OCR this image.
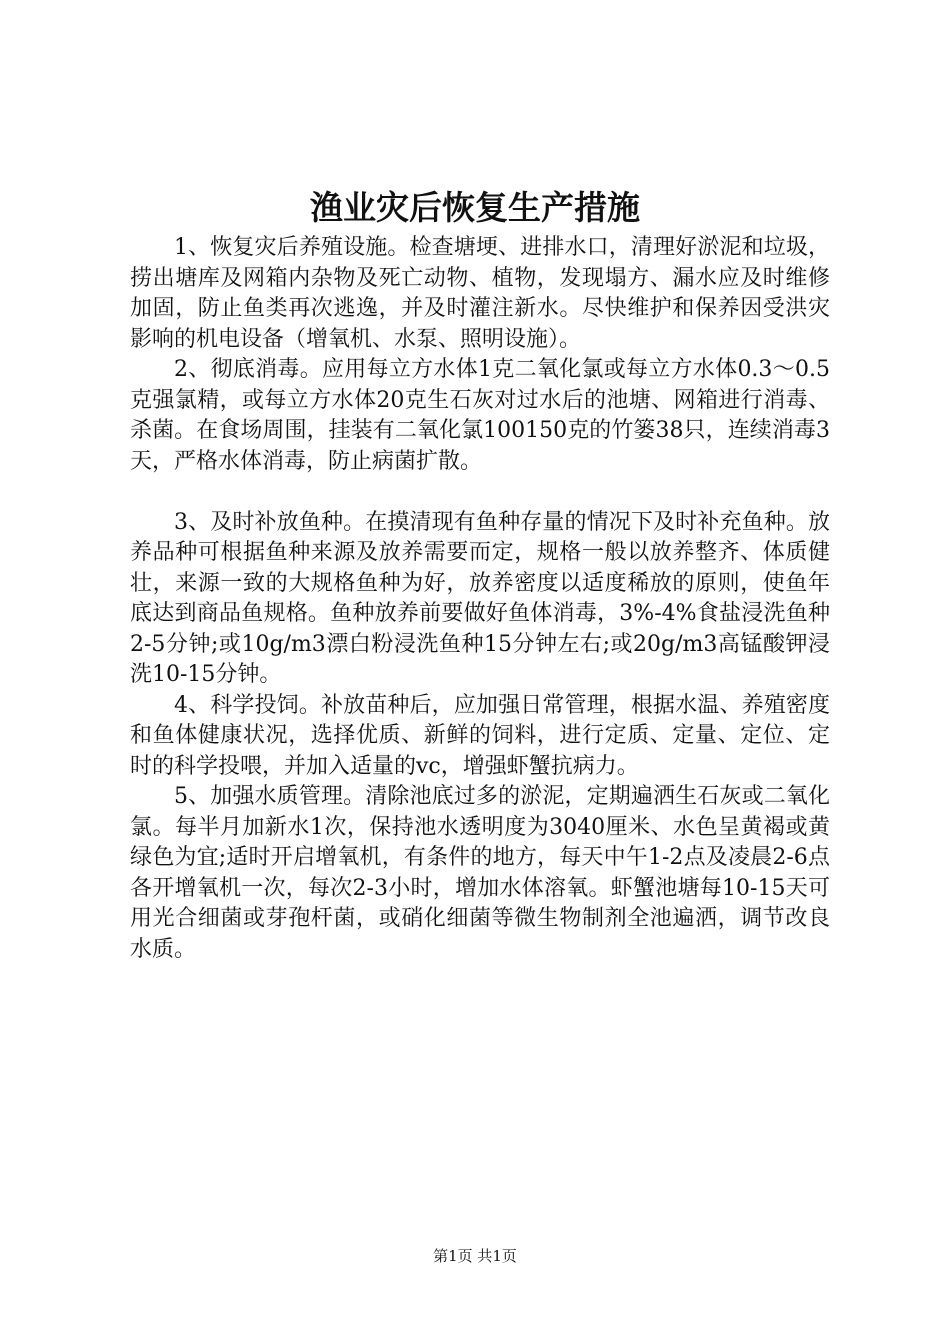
渔业灾后恢复生产措施

1、恢复灾后养殖设施。检查塘埂、进排水口，清理好淤泥和垃圾，捞出塘库及网箱内杂物及死亡动物、植物，发现塌方、漏水应及时维修加固，防止鱼类再次逃逸，并及时灌注新水。尽快维护和保养因受洪灾影响的机电设备（增氧机、水泵、照明设施）。

2、彻底消毒。应用每立方水体1克二氧化氯或每立方水体0.3～0.5克强氯精，或每立方水体20克生石灰对过水后的池塘、网箱进行消毒、杀菌。在食场周围，挂装有二氧化氯100150克的竹篓38只，连续消毒3天，严格水体消毒，防止病菌扩散。

3、及时补放鱼种。在摸清现有鱼种存量的情况下及时补充鱼种。放养品种可根据鱼种来源及放养需要而定，规格一般以放养整齐、体质健壮，来源一致的大规格鱼种为好，放养密度以适度稀放的原则，使鱼年底达到商品鱼规格。鱼种放养前要做好鱼体消毒，3%-4%食盐浸洗鱼种2-5分钟;或10g/m3漂白粉浸洗鱼种15分钟左右;或20g/m3高锰酸钾浸洗10-15分钟。

4、科学投饲。补放苗种后，应加强日常管理，根据水温、养殖密度和鱼体健康状况，选择优质、新鲜的饲料，进行定质、定量、定位、定时的科学投喂，并加入适量的vc，增强虾蟹抗病力。

5、加强水质管理。清除池底过多的淤泥，定期遍洒生石灰或二氧化氯。每半月加新水1次，保持池水透明度为3040厘米、水色呈黄褐或黄绿色为宜;适时开启增氧机，有条件的地方，每天中午1-2点及凌晨2-6点各开增氧机一次，每次2-3小时，增加水体溶氧。虾蟹池塘每10-15天可用光合细菌或芽孢杆菌，或硝化细菌等微生物制剂全池遍洒，调节改良水质。

第1页 共1页
